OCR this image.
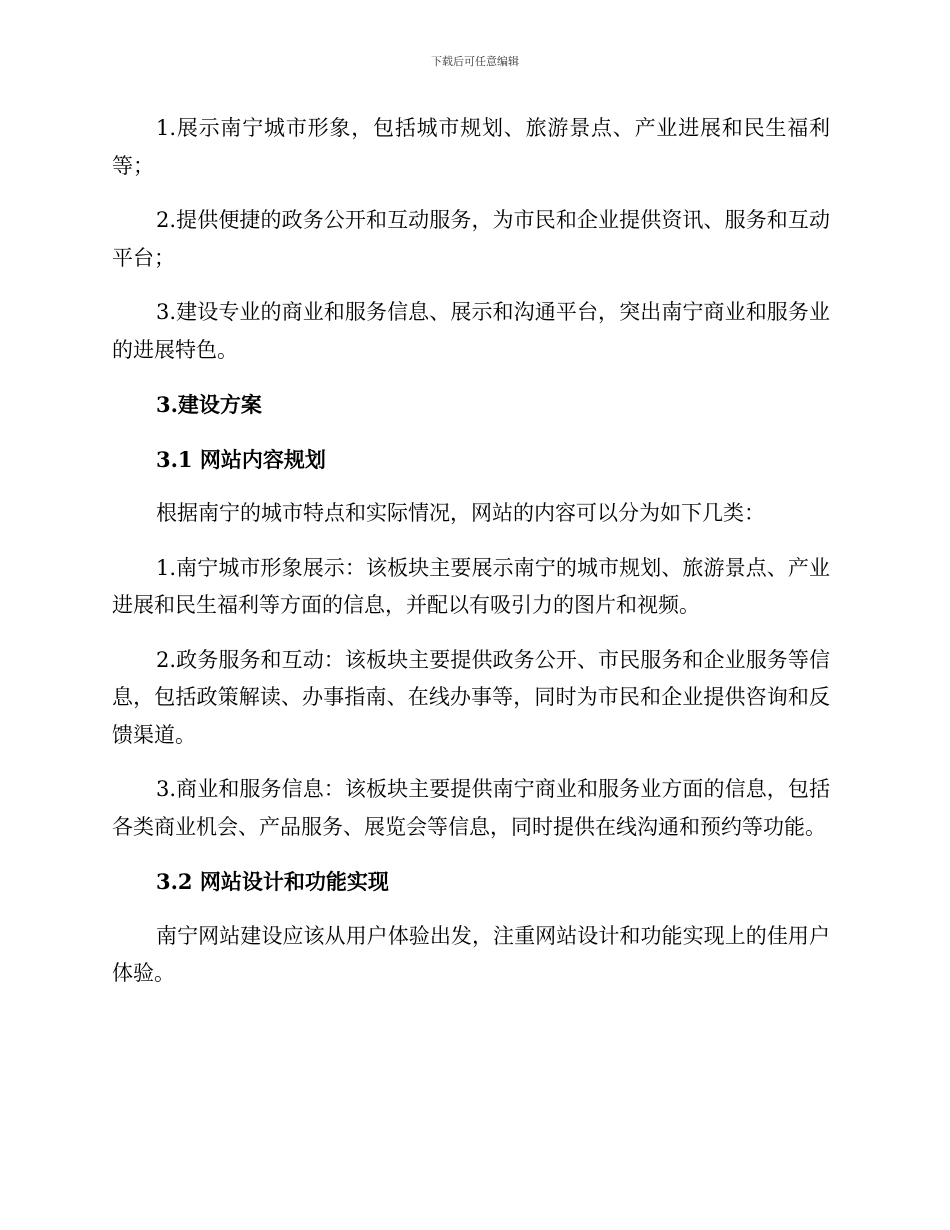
下载后可任意编辑

1.展示南宁城市形象，包括城市规划、旅游景点、产业进展和民生福利等；

2.提供便捷的政务公开和互动服务，为市民和企业提供资讯、服务和互动平台；

3.建设专业的商业和服务信息、展示和沟通平台，突出南宁商业和服务业的进展特色。

3.建设方案

3.1 网站内容规划

根据南宁的城市特点和实际情况，网站的内容可以分为如下几类：

1.南宁城市形象展示：该板块主要展示南宁的城市规划、旅游景点、产业进展和民生福利等方面的信息，并配以有吸引力的图片和视频。

2.政务服务和互动：该板块主要提供政务公开、市民服务和企业服务等信息，包括政策解读、办事指南、在线办事等，同时为市民和企业提供咨询和反馈渠道。

3.商业和服务信息：该板块主要提供南宁商业和服务业方面的信息，包括各类商业机会、产品服务、展览会等信息，同时提供在线沟通和预约等功能。

3.2 网站设计和功能实现

南宁网站建设应该从用户体验出发，注重网站设计和功能实现上的佳用户体验。
